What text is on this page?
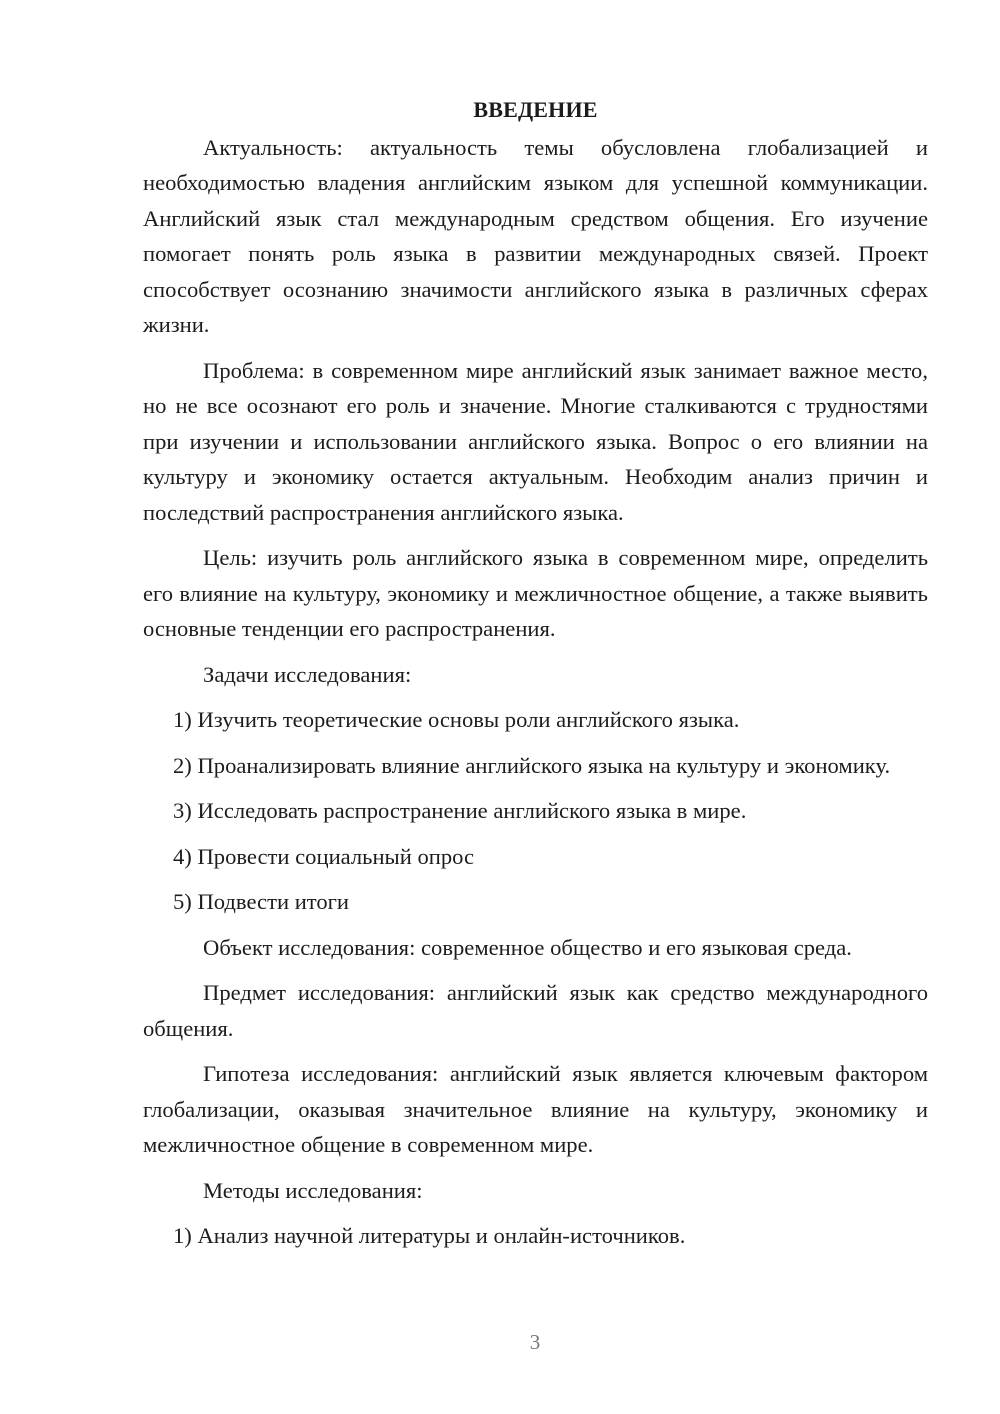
ВВЕДЕНИЕ

Актуальность: актуальность темы обусловлена глобализацией и необходимостью владения английским языком для успешной коммуникации. Английский язык стал международным средством общения. Его изучение помогает понять роль языка в развитии международных связей. Проект способствует осознанию значимости английского языка в различных сферах жизни.

Проблема: в современном мире английский язык занимает важное место, но не все осознают его роль и значение. Многие сталкиваются с трудностями при изучении и использовании английского языка. Вопрос о его влиянии на культуру и экономику остается актуальным. Необходим анализ причин и последствий распространения английского языка.

Цель: изучить роль английского языка в современном мире, определить его влияние на культуру, экономику и межличностное общение, а также выявить основные тенденции его распространения.

Задачи исследования:

1) Изучить теоретические основы роли английского языка.

2) Проанализировать влияние английского языка на культуру и экономику.

3) Исследовать распространение английского языка в мире.

4) Провести социальный опрос

5) Подвести итоги

Объект исследования: современное общество и его языковая среда.

Предмет исследования: английский язык как средство международного общения.

Гипотеза исследования: английский язык является ключевым фактором глобализации, оказывая значительное влияние на культуру, экономику и межличностное общение в современном мире.

Методы исследования:

1) Анализ научной литературы и онлайн-источников.

3
